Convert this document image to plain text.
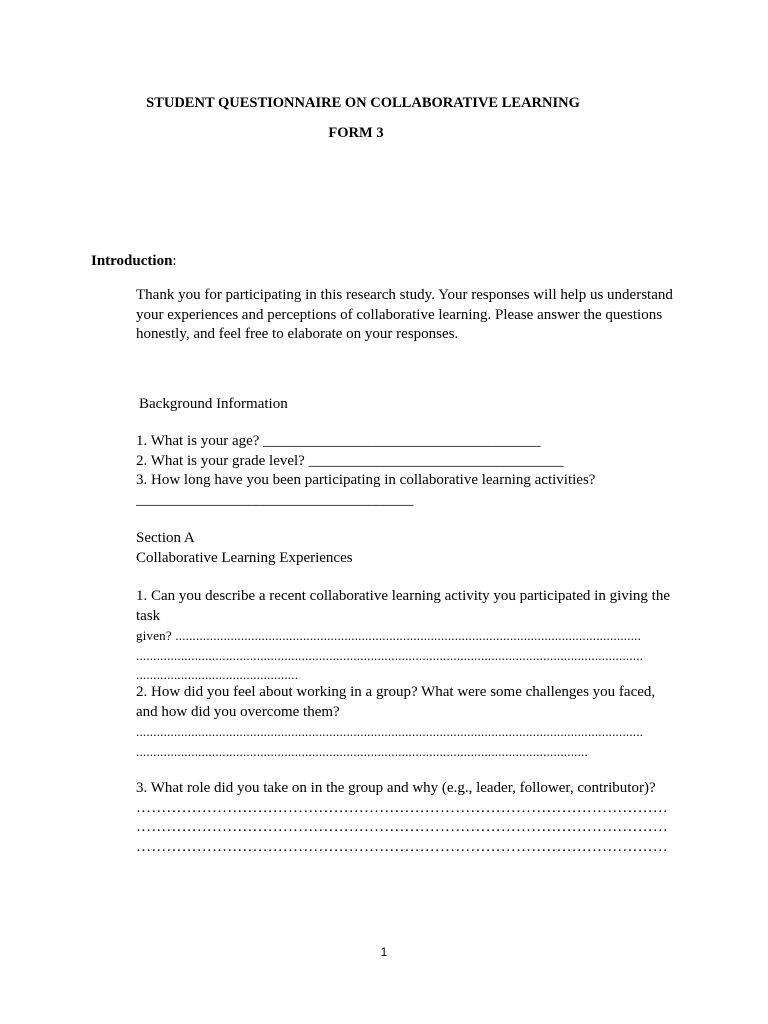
STUDENT QUESTIONNAIRE ON COLLABORATIVE LEARNING
FORM 3
Introduction:
Thank you for participating in this research study. Your responses will help us understand your experiences and perceptions of collaborative learning. Please answer the questions honestly, and feel free to elaborate on your responses.
Background Information
1. What is your age? _____________________________________
2. What is your grade level? __________________________________
3. How long have you been participating in collaborative learning activities?
_____________________________________
Section A
Collaborative Learning Experiences
1. Can you describe a recent collaborative learning activity you participated in giving the
task
given? .......................................................................................................................................
...................................................................................................................................................
...............................................
2. How did you feel about working in a group? What were some challenges you faced,
and how did you overcome them?
...................................................................................................................................................
...................................................................................................................................
3. What role did you take on in the group and why (e.g., leader, follower, contributor)?
……………………………………………………………………………………………
……………………………………………………………………………………………
……………………………………………………………………………………………
1
